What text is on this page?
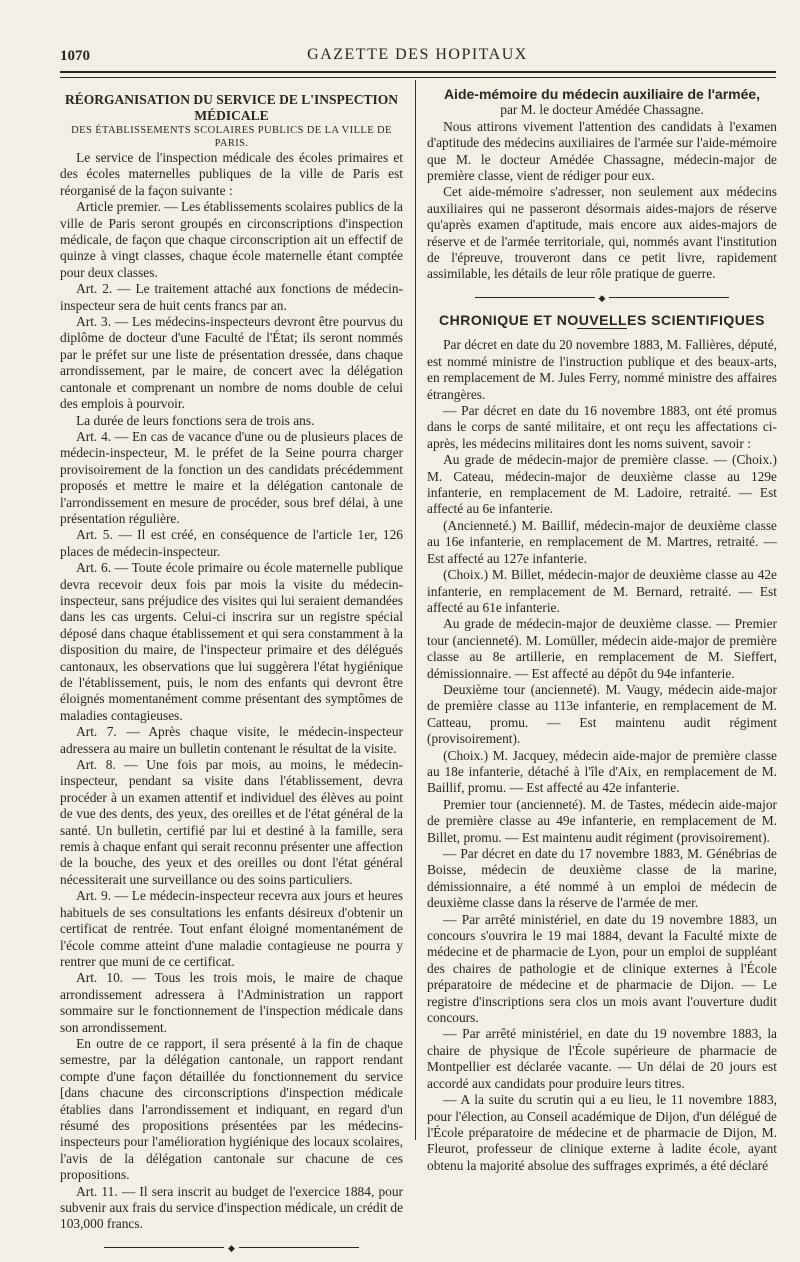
1070	GAZETTE DES HOPITAUX

RÉORGANISATION DU SERVICE DE L'INSPECTION MÉDICALE

DES ÉTABLISSEMENTS SCOLAIRES PUBLICS DE LA VILLE DE PARIS.

Le service de l'inspection médicale des écoles primaires et des écoles maternelles publiques de la ville de Paris est réorganisé de la façon suivante :

Article premier. — Les établissements scolaires publics de la ville de Paris seront groupés en circonscriptions d'inspection médicale, de façon que chaque circonscription ait un effectif de quinze à vingt classes, chaque école maternelle étant comptée pour deux classes.

Art. 2. — Le traitement attaché aux fonctions de médecin-inspecteur sera de huit cents francs par an.

Art. 3. — Les médecins-inspecteurs devront être pourvus du diplôme de docteur d'une Faculté de l'État; ils seront nommés par le préfet sur une liste de présentation dressée, dans chaque arrondissement, par le maire, de concert avec la délégation cantonale et comprenant un nombre de noms double de celui des emplois à pourvoir.

La durée de leurs fonctions sera de trois ans.

Art. 4. — En cas de vacance d'une ou de plusieurs places de médecin-inspecteur, M. le préfet de la Seine pourra charger provisoirement de la fonction un des candidats précédemment proposés et mettre le maire et la délégation cantonale de l'arrondissement en mesure de procéder, sous bref délai, à une présentation régulière.

Art. 5. — Il est créé, en conséquence de l'article 1er, 126 places de médecin-inspecteur.

Art. 6. — Toute école primaire ou école maternelle publique devra recevoir deux fois par mois la visite du médecin-inspecteur, sans préjudice des visites qui lui seraient demandées dans les cas urgents. Celui-ci inscrira sur un registre spécial déposé dans chaque établissement et qui sera constamment à la disposition du maire, de l'inspecteur primaire et des délégués cantonaux, les observations que lui suggèrera l'état hygiénique de l'établissement, puis, le nom des enfants qui devront être éloignés momentanément comme présentant des symptômes de maladies contagieuses.

Art. 7. — Après chaque visite, le médecin-inspecteur adressera au maire un bulletin contenant le résultat de la visite.

Art. 8. — Une fois par mois, au moins, le médecin-inspecteur, pendant sa visite dans l'établissement, devra procéder à un examen attentif et individuel des élèves au point de vue des dents, des yeux, des oreilles et de l'état général de la santé. Un bulletin, certifié par lui et destiné à la famille, sera remis à chaque enfant qui serait reconnu présenter une affection de la bouche, des yeux et des oreilles ou dont l'état général nécessiterait une surveillance ou des soins particuliers.

Art. 9. — Le médecin-inspecteur recevra aux jours et heures habituels de ses consultations les enfants désireux d'obtenir un certificat de rentrée. Tout enfant éloigné momentanément de l'école comme atteint d'une maladie contagieuse ne pourra y rentrer que muni de ce certificat.

Art. 10. — Tous les trois mois, le maire de chaque arrondissement adressera à l'Administration un rapport sommaire sur le fonctionnement de l'inspection médicale dans son arrondissement.

En outre de ce rapport, il sera présenté à la fin de chaque semestre, par la délégation cantonale, un rapport rendant compte d'une façon détaillée du fonctionnement du service [dans chacune des circonscriptions d'inspection médicale établies dans l'arrondissement et indiquant, en regard d'un résumé des propositions présentées par les médecins-inspecteurs pour l'amélioration hygiénique des locaux scolaires, l'avis de la délégation cantonale sur chacune de ces propositions.

Art. 11. — Il sera inscrit au budget de l'exercice 1884, pour subvenir aux frais du service d'inspection médicale, un crédit de 103,000 francs.

◆

Aide-mémoire du médecin auxiliaire de l'armée,

par M. le docteur Amédée Chassagne.

Nous attirons vivement l'attention des candidats à l'examen d'aptitude des médecins auxiliaires de l'armée sur l'aide-mémoire que M. le docteur Amédée Chassagne, médecin-major de première classe, vient de rédiger pour eux.

Cet aide-mémoire s'adresser, non seulement aux médecins auxiliaires qui ne passeront désormais aides-majors de réserve qu'après examen d'aptitude, mais encore aux aides-majors de réserve et de l'armée territoriale, qui, nommés avant l'institution de l'épreuve, trouveront dans ce petit livre, rapidement assimilable, les détails de leur rôle pratique de guerre.

◆

CHRONIQUE ET NOUVELLES SCIENTIFIQUES

Par décret en date du 20 novembre 1883, M. Fallières, député, est nommé ministre de l'instruction publique et des beaux-arts, en remplacement de M. Jules Ferry, nommé ministre des affaires étrangères.

— Par décret en date du 16 novembre 1883, ont été promus dans le corps de santé militaire, et ont reçu les affectations ci-après, les médecins militaires dont les noms suivent, savoir :

Au grade de médecin-major de première classe. — (Choix.) M. Cateau, médecin-major de deuxième classe au 129e infanterie, en remplacement de M. Ladoire, retraité. — Est affecté au 6e infanterie.

(Ancienneté.) M. Baillif, médecin-major de deuxième classe au 16e infanterie, en remplacement de M. Martres, retraité. — Est affecté au 127e infanterie.

(Choix.) M. Billet, médecin-major de deuxième classe au 42e infanterie, en remplacement de M. Bernard, retraité. — Est affecté au 61e infanterie.

Au grade de médecin-major de deuxième classe. — Premier tour (ancienneté). M. Lomüller, médecin aide-major de première classe au 8e artillerie, en remplacement de M. Sieffert, démissionnaire. — Est affecté au dépôt du 94e infanterie.

Deuxième tour (ancienneté). M. Vaugy, médecin aide-major de première classe au 113e infanterie, en remplacement de M. Catteau, promu. — Est maintenu audit régiment (provisoirement).

(Choix.) M. Jacquey, médecin aide-major de première classe au 18e infanterie, détaché à l'île d'Aix, en remplacement de M. Baillif, promu. — Est affecté au 42e infanterie.

Premier tour (ancienneté). M. de Tastes, médecin aide-major de première classe au 49e infanterie, en remplacement de M. Billet, promu. — Est maintenu audit régiment (provisoirement).

— Par décret en date du 17 novembre 1883, M. Génébrias de Boisse, médecin de deuxième classe de la marine, démissionnaire, a été nommé à un emploi de médecin de deuxième classe dans la réserve de l'armée de mer.

— Par arrêté ministériel, en date du 19 novembre 1883, un concours s'ouvrira le 19 mai 1884, devant la Faculté mixte de médecine et de pharmacie de Lyon, pour un emploi de suppléant des chaires de pathologie et de clinique externes à l'École préparatoire de médecine et de pharmacie de Dijon. — Le registre d'inscriptions sera clos un mois avant l'ouverture dudit concours.

— Par arrêté ministériel, en date du 19 novembre 1883, la chaire de physique de l'École supérieure de pharmacie de Montpellier est déclarée vacante. — Un délai de 20 jours est accordé aux candidats pour produire leurs titres.

— A la suite du scrutin qui a eu lieu, le 11 novembre 1883, pour l'élection, au Conseil académique de Dijon, d'un délégué de l'École préparatoire de médecine et de pharmacie de Dijon, M. Fleurot, professeur de clinique externe à ladite école, ayant obtenu la majorité absolue des suffrages exprimés, a été déclaré
